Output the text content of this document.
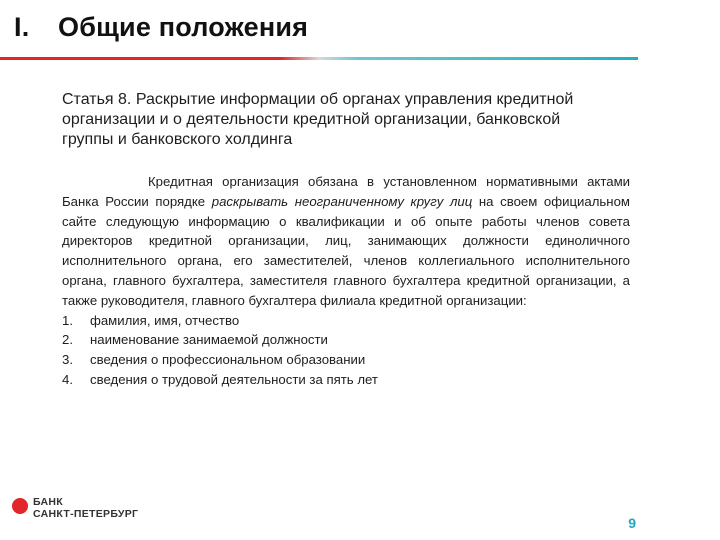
I. Общие положения
Статья 8. Раскрытие информации об органах управления кредитной организации и о деятельности кредитной организации, банковской группы и банковского холдинга

Кредитная организация обязана в установленном нормативными актами Банка России порядке раскрывать неограниченному кругу лиц на своем официальном сайте следующую информацию о квалификации и об опыте работы членов совета директоров кредитной организации, лиц, занимающих должности единоличного исполнительного органа, его заместителей, членов коллегиального исполнительного органа, главного бухгалтера, заместителя главного бухгалтера кредитной организации, а также руководителя, главного бухгалтера филиала кредитной организации:

1.	фамилия, имя, отчество
2.	наименование занимаемой должности
3.	сведения о профессиональном образовании
4.	сведения о трудовой деятельности за пять лет
БАНК
САНКТ-ПЕТЕРБУРГ
9
